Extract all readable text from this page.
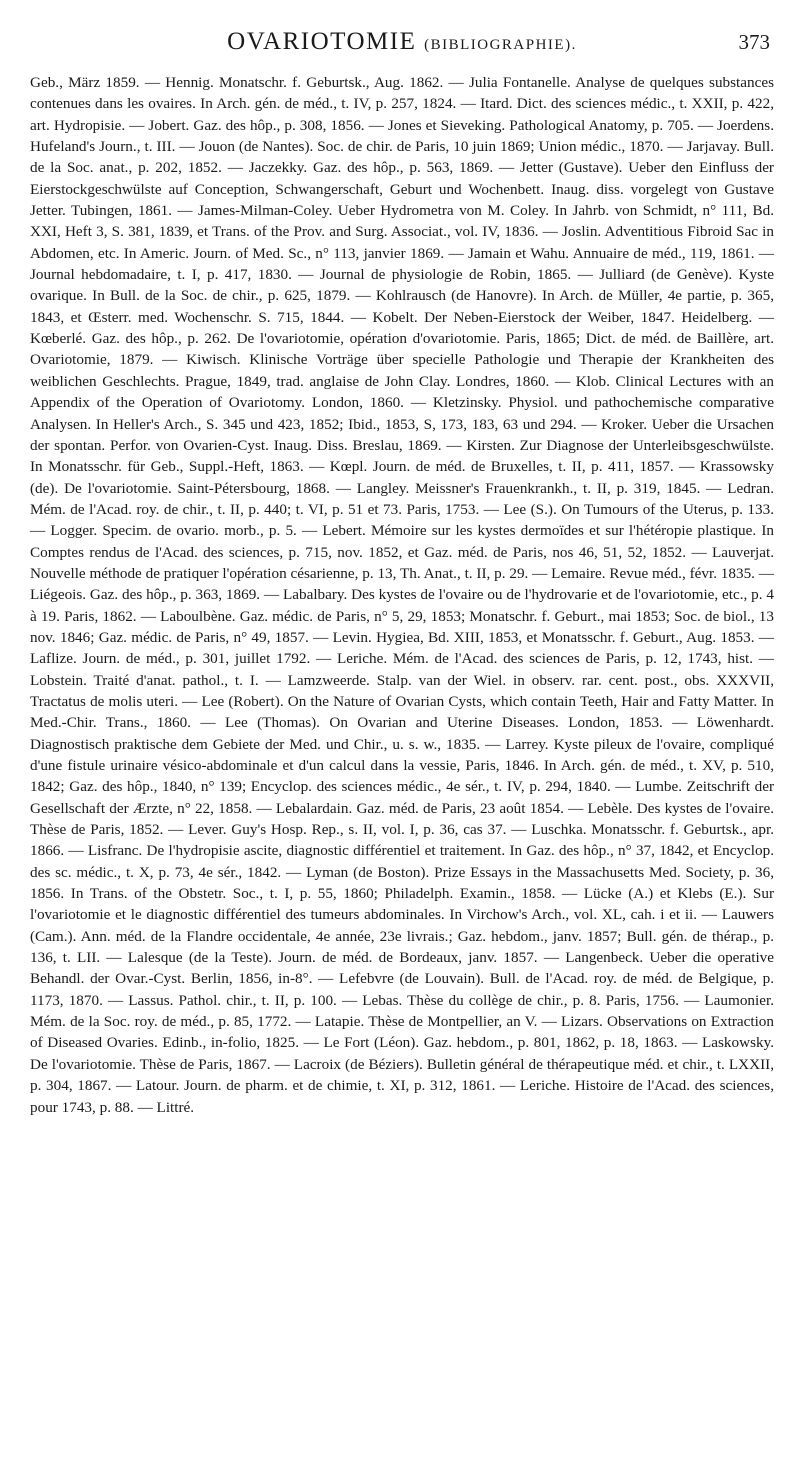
OVARIOTOMIE (BIBLIOGRAPHIE).	373

Geb., März 1859. — Hennig. Monatschr. f. Geburtsk., Aug. 1862. — Julia Fontanelle. Analyse de quelques substances contenues dans les ovaires. In Arch. gén. de méd., t. IV, p. 257, 1824. — Itard. Dict. des sciences médic., t. XXII, p. 422, art. Hydropisie. — Jobert. Gaz. des hôp., p. 308, 1856. — Jones et Sieveking. Pathological Anatomy, p. 705. — Joerdens. Hufeland's Journ., t. III. — Jouon (de Nantes). Soc. de chir. de Paris, 10 juin 1869; Union médic., 1870. — Jarjavay. Bull. de la Soc. anat., p. 202, 1852. — Jaczekky. Gaz. des hôp., p. 563, 1869. — Jetter (Gustave). Ueber den Einfluss der Eierstockgeschwülste auf Conception, Schwangerschaft, Geburt und Wochenbett. Inaug. diss. vorgelegt von Gustave Jetter. Tubingen, 1861. — James-Milman-Coley. Ueber Hydrometra von M. Coley. In Jahrb. von Schmidt, n° 111, Bd. XXI, Heft 3, S. 381, 1839, et Trans. of the Prov. and Surg. Associat., vol. IV, 1836. — Joslin. Adventitious Fibroid Sac in Abdomen, etc. In Americ. Journ. of Med. Sc., n° 113, janvier 1869. — Jamain et Wahu. Annuaire de méd., 119, 1861. — Journal hebdomadaire, t. I, p. 417, 1830. — Journal de physiologie de Robin, 1865. — Julliard (de Genève). Kyste ovarique. In Bull. de la Soc. de chir., p. 625, 1879. — Kohlrausch (de Hanovre). In Arch. de Müller, 4e partie, p. 365, 1843, et Œsterr. med. Wochenschr. S. 715, 1844. — Kobelt. Der Neben-Eierstock der Weiber, 1847. Heidelberg. — Kœberlé. Gaz. des hôp., p. 262. De l'ovariotomie, opération d'ovariotomie. Paris, 1865; Dict. de méd. de Baillère, art. Ovariotomie, 1879. — Kiwisch. Klinische Vorträge über specielle Pathologie und Therapie der Krankheiten des weiblichen Geschlechts. Prague, 1849, trad. anglaise de John Clay. Londres, 1860. — Klob. Clinical Lectures with an Appendix of the Operation of Ovariotomy. London, 1860. — Kletzinsky. Physiol. und pathochemische comparative Analysen. In Heller's Arch., S. 345 und 423, 1852; Ibid., 1853, S, 173, 183, 63 und 294. — Kroker. Ueber die Ursachen der spontan. Perfor. von Ovarien-Cyst. Inaug. Diss. Breslau, 1869. — Kirsten. Zur Diagnose der Unterleibsgeschwülste. In Monatsschr. für Geb., Suppl.-Heft, 1863. — Kœpl. Journ. de méd. de Bruxelles, t. II, p. 411, 1857. — Krassowsky (de). De l'ovariotomie. Saint-Pétersbourg, 1868. — Langley. Meissner's Frauenkrankh., t. II, p. 319, 1845. — Ledran. Mém. de l'Acad. roy. de chir., t. II, p. 440; t. VI, p. 51 et 73. Paris, 1753. — Lee (S.). On Tumours of the Uterus, p. 133. — Logger. Specim. de ovario. morb., p. 5. — Lebert. Mémoire sur les kystes dermoïdes et sur l'hétéropie plastique. In Comptes rendus de l'Acad. des sciences, p. 715, nov. 1852, et Gaz. méd. de Paris, nos 46, 51, 52, 1852. — Lauverjat. Nouvelle méthode de pratiquer l'opération césarienne, p. 13, Th. Anat., t. II, p. 29. — Lemaire. Revue méd., févr. 1835. — Liégeois. Gaz. des hôp., p. 363, 1869. — Labalbary. Des kystes de l'ovaire ou de l'hydrovarie et de l'ovariotomie, etc., p. 4 à 19. Paris, 1862. — Laboulbène. Gaz. médic. de Paris, n° 5, 29, 1853; Monatschr. f. Geburt., mai 1853; Soc. de biol., 13 nov. 1846; Gaz. médic. de Paris, n° 49, 1857. — Levin. Hygiea, Bd. XIII, 1853, et Monatsschr. f. Geburt., Aug. 1853. — Laflize. Journ. de méd., p. 301, juillet 1792. — Leriche. Mém. de l'Acad. des sciences de Paris, p. 12, 1743, hist. — Lobstein. Traité d'anat. pathol., t. I. — Lamzweerde. Stalp. van der Wiel. in observ. rar. cent. post., obs. XXXVII, Tractatus de molis uteri. — Lee (Robert). On the Nature of Ovarian Cysts, which contain Teeth, Hair and Fatty Matter. In Med.-Chir. Trans., 1860. — Lee (Thomas). On Ovarian and Uterine Diseases. London, 1853. — Löwenhardt. Diagnostisch praktische dem Gebiete der Med. und Chir., u. s. w., 1835. — Larrey. Kyste pileux de l'ovaire, compliqué d'une fistule urinaire vésico-abdominale et d'un calcul dans la vessie, Paris, 1846. In Arch. gén. de méd., t. XV, p. 510, 1842; Gaz. des hôp., 1840, n° 139; Encyclop. des sciences médic., 4e sér., t. IV, p. 294, 1840. — Lumbe. Zeitschrift der Gesellschaft der Ærzte, n° 22, 1858. — Lebalardain. Gaz. méd. de Paris, 23 août 1854. — Lebèle. Des kystes de l'ovaire. Thèse de Paris, 1852. — Lever. Guy's Hosp. Rep., s. II, vol. I, p. 36, cas 37. — Luschka. Monatsschr. f. Geburtsk., apr. 1866. — Lisfranc. De l'hydropisie ascite, diagnostic différentiel et traitement. In Gaz. des hôp., n° 37, 1842, et Encyclop. des sc. médic., t. X, p. 73, 4e sér., 1842. — Lyman (de Boston). Prize Essays in the Massachusetts Med. Society, p. 36, 1856. In Trans. of the Obstetr. Soc., t. I, p. 55, 1860; Philadelph. Examin., 1858. — Lücke (A.) et Klebs (E.). Sur l'ovariotomie et le diagnostic différentiel des tumeurs abdominales. In Virchow's Arch., vol. XL, cah. i et ii. — Lauwers (Cam.). Ann. méd. de la Flandre occidentale, 4e année, 23e livrais.; Gaz. hebdom., janv. 1857; Bull. gén. de thérap., p. 136, t. LII. — Lalesque (de la Teste). Journ. de méd. de Bordeaux, janv. 1857. — Langenbeck. Ueber die operative Behandl. der Ovar.-Cyst. Berlin, 1856, in-8°. — Lefebvre (de Louvain). Bull. de l'Acad. roy. de méd. de Belgique, p. 1173, 1870. — Lassus. Pathol. chir., t. II, p. 100. — Lebas. Thèse du collège de chir., p. 8. Paris, 1756. — Laumonier. Mém. de la Soc. roy. de méd., p. 85, 1772. — Latapie. Thèse de Montpellier, an V. — Lizars. Observations on Extraction of Diseased Ovaries. Edinb., in-folio, 1825. — Le Fort (Léon). Gaz. hebdom., p. 801, 1862, p. 18, 1863. — Laskowsky. De l'ovariotomie. Thèse de Paris, 1867. — Lacroix (de Béziers). Bulletin général de thérapeutique méd. et chir., t. LXXII, p. 304, 1867. — Latour. Journ. de pharm. et de chimie, t. XI, p. 312, 1861. — Leriche. Histoire de l'Acad. des sciences, pour 1743, p. 88. — Littré.
